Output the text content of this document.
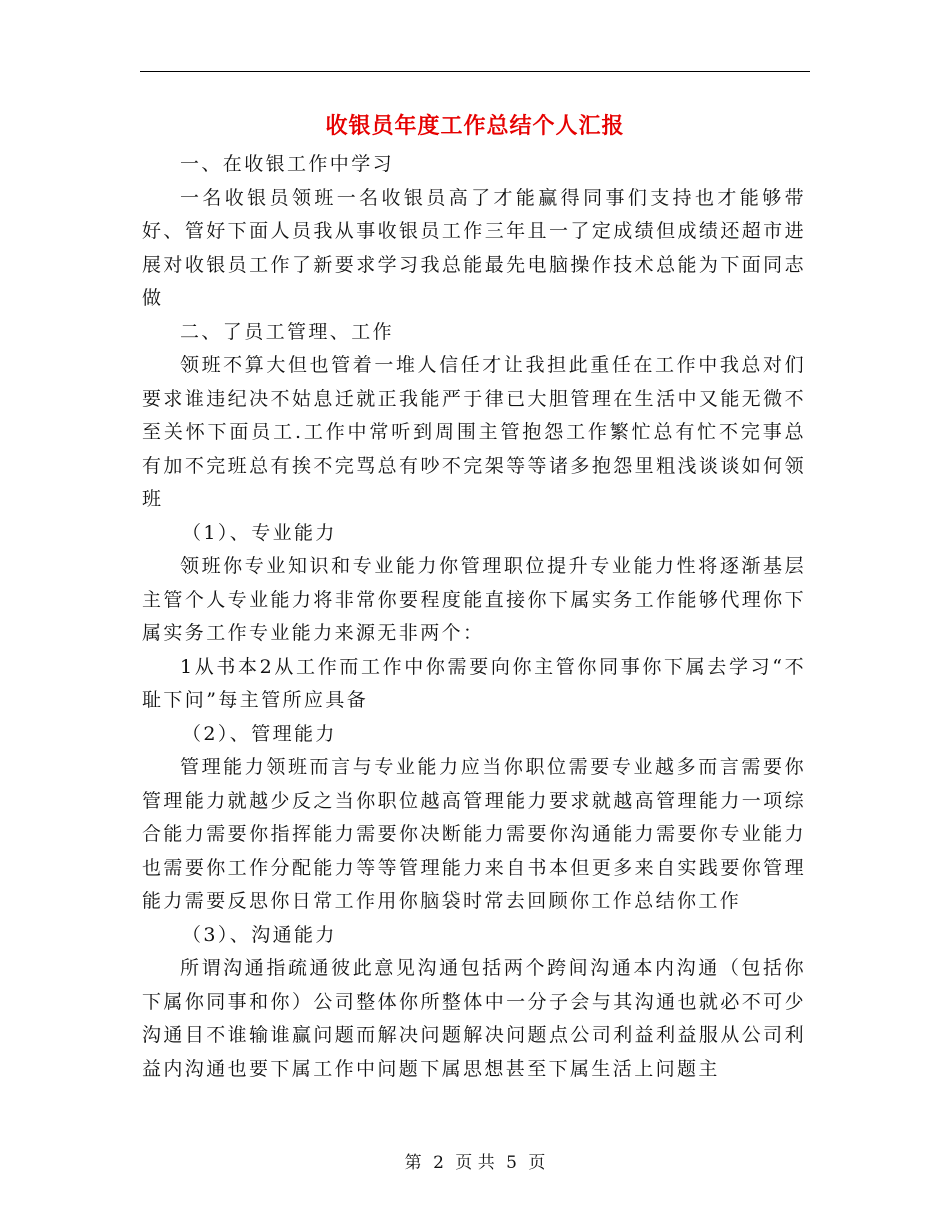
收银员年度工作总结个人汇报

一、在收银工作中学习

一名收银员领班一名收银员高了才能赢得同事们支持也才能够带好、管好下面人员我从事收银员工作三年且一了定成绩但成绩还超市进展对收银员工作了新要求学习我总能最先电脑操作技术总能为下面同志做

二、了员工管理、工作

领班不算大但也管着一堆人信任才让我担此重任在工作中我总对们要求谁违纪决不姑息迁就正我能严于律已大胆管理在生活中又能无微不至关怀下面员工.工作中常听到周围主管抱怨工作繁忙总有忙不完事总有加不完班总有挨不完骂总有吵不完架等等诸多抱怨里粗浅谈谈如何领班

（1）、专业能力

领班你专业知识和专业能力你管理职位提升专业能力性将逐渐基层主管个人专业能力将非常你要程度能直接你下属实务工作能够代理你下属实务工作专业能力来源无非两个：

1从书本2从工作而工作中你需要向你主管你同事你下属去学习“不耻下问”每主管所应具备

（2）、管理能力

管理能力领班而言与专业能力应当你职位需要专业越多而言需要你管理能力就越少反之当你职位越高管理能力要求就越高管理能力一项综合能力需要你指挥能力需要你决断能力需要你沟通能力需要你专业能力也需要你工作分配能力等等管理能力来自书本但更多来自实践要你管理能力需要反思你日常工作用你脑袋时常去回顾你工作总结你工作

（3）、沟通能力

所谓沟通指疏通彼此意见沟通包括两个跨间沟通本内沟通（包括你下属你同事和你）公司整体你所整体中一分子会与其沟通也就必不可少沟通目不谁输谁赢问题而解决问题解决问题点公司利益利益服从公司利益内沟通也要下属工作中问题下属思想甚至下属生活上问题主

第 2 页 共 5 页
